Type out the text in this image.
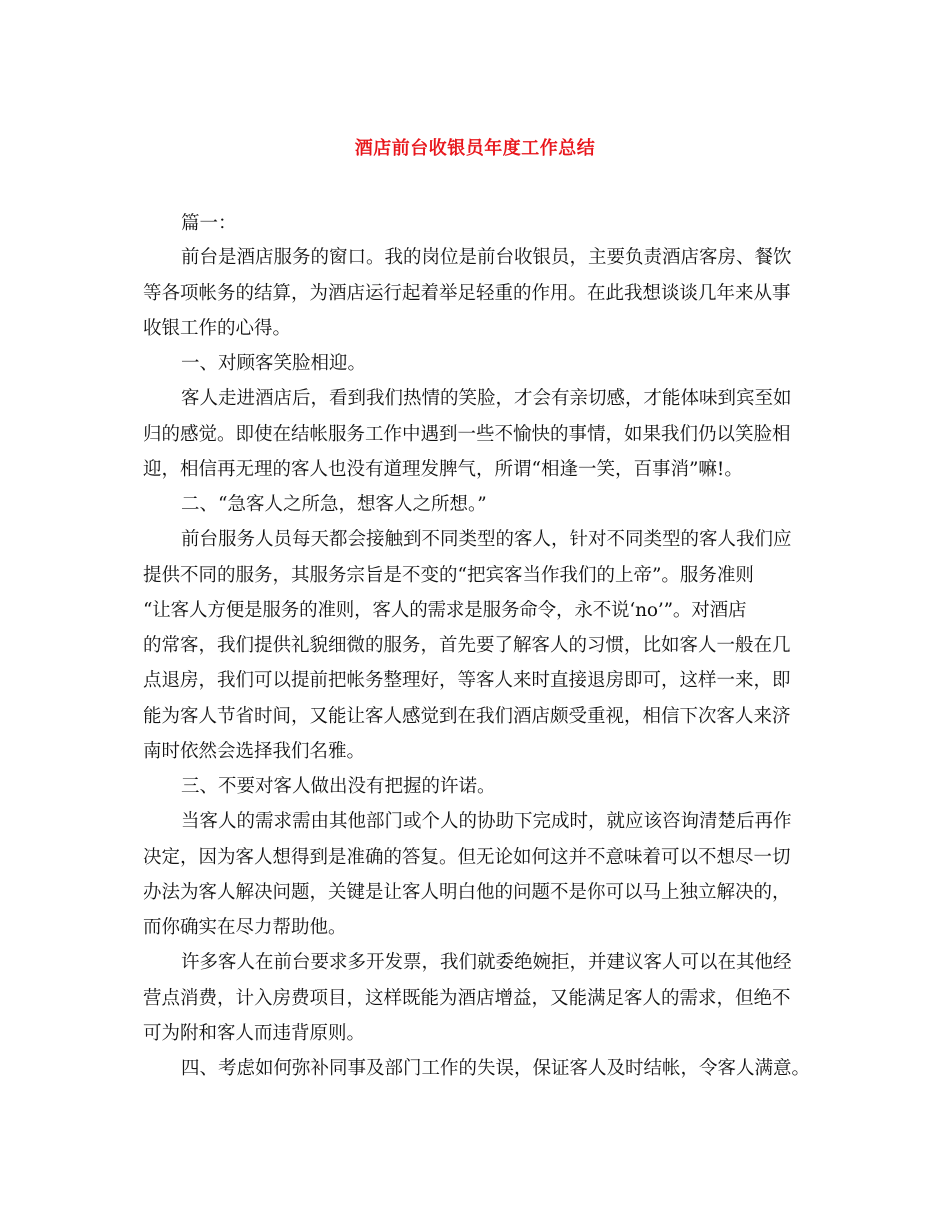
酒店前台收银员年度工作总结
篇一：
前台是酒店服务的窗口。我的岗位是前台收银员，主要负责酒店客房、餐饮
等各项帐务的结算，为酒店运行起着举足轻重的作用。在此我想谈谈几年来从事
收银工作的心得。
一、对顾客笑脸相迎。
客人走进酒店后，看到我们热情的笑脸，才会有亲切感，才能体味到宾至如
归的感觉。即使在结帐服务工作中遇到一些不愉快的事情，如果我们仍以笑脸相
迎，相信再无理的客人也没有道理发脾气，所谓“相逢一笑，百事消”嘛!。
二、“急客人之所急，想客人之所想。”
前台服务人员每天都会接触到不同类型的客人，针对不同类型的客人我们应
提供不同的服务，其服务宗旨是不变的“把宾客当作我们的上帝”。服务准则
“让客人方便是服务的准则，客人的需求是服务命令，永不说‘no’”。对酒店
的常客，我们提供礼貌细微的服务，首先要了解客人的习惯，比如客人一般在几
点退房，我们可以提前把帐务整理好，等客人来时直接退房即可，这样一来，即
能为客人节省时间，又能让客人感觉到在我们酒店颇受重视，相信下次客人来济
南时依然会选择我们名雅。
三、不要对客人做出没有把握的许诺。
当客人的需求需由其他部门或个人的协助下完成时，就应该咨询清楚后再作
决定，因为客人想得到是准确的答复。但无论如何这并不意味着可以不想尽一切
办法为客人解决问题，关键是让客人明白他的问题不是你可以马上独立解决的，
而你确实在尽力帮助他。
许多客人在前台要求多开发票，我们就委绝婉拒，并建议客人可以在其他经
营点消费，计入房费项目，这样既能为酒店增益，又能满足客人的需求，但绝不
可为附和客人而违背原则。
四、考虑如何弥补同事及部门工作的失误，保证客人及时结帐，令客人满意。
